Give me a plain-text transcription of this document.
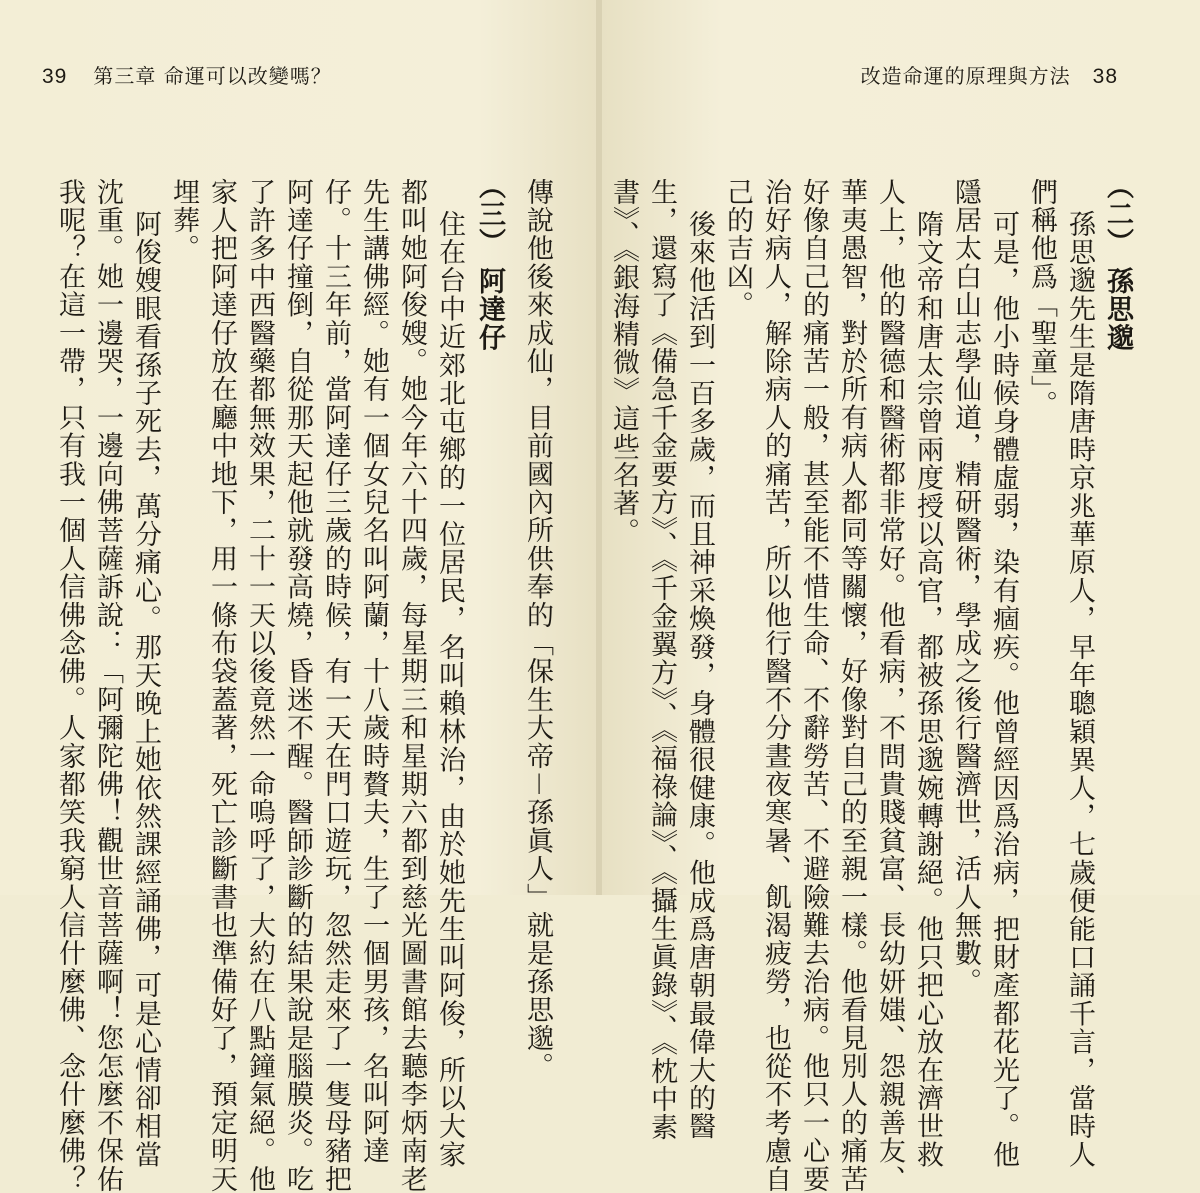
39 第三章 命運可以改變嗎？
傳說他後來成仙，目前國內所供奉的「保生大帝－孫眞人」就是孫思邈。
（三） 阿達仔
住在台中近郊北屯鄉的一位居民，名叫賴林治，由於她先生叫阿俊，所以大家
都叫她阿俊嫂。她今年六十四歲，每星期三和星期六都到慈光圖書館去聽李炳南老
先生講佛經。她有一個女兒名叫阿蘭，十八歲時贅夫，生了一個男孩，名叫阿達
仔。十三年前，當阿達仔三歲的時候，有一天在門口遊玩，忽然走來了一隻母豬把
阿達仔撞倒，自從那天起他就發高燒，昏迷不醒。醫師診斷的結果說是腦膜炎。吃
了許多中西醫藥都無效果，二十一天以後竟然一命嗚呼了，大約在八點鐘氣絕。他
家人把阿達仔放在廳中地下，用一條布袋蓋著，死亡診斷書也準備好了，預定明天
埋葬。
阿俊嫂眼看孫子死去，萬分痛心。那天晚上她依然課經誦佛，可是心情卻相當
沈重。她一邊哭，一邊向佛菩薩訴說：「阿彌陀佛！觀世音菩薩啊！您怎麼不保佑
我呢？在這一帶，只有我一個人信佛念佛。人家都笑我窮人信什麼佛、念什麼佛？
改造命運的原理與方法 38
（二） 孫思邈
孫思邈先生是隋唐時京兆華原人，早年聰穎異人，七歲便能口誦千言，當時人
們稱他爲「聖童」。
可是，他小時候身體虛弱，染有痼疾。他曾經因爲治病，把財產都花光了。他
隱居太白山志學仙道，精研醫術，學成之後行醫濟世，活人無數。
隋文帝和唐太宗曾兩度授以高官，都被孫思邈婉轉謝絕。他只把心放在濟世救
人上，他的醫德和醫術都非常好。他看病，不問貴賤貧富、長幼妍媸、怨親善友、
華夷愚智，對於所有病人都同等關懷，好像對自己的至親一樣。他看見別人的痛苦
好像自己的痛苦一般，甚至能不惜生命、不辭勞苦、不避險難去治病。他只一心要
治好病人，解除病人的痛苦，所以他行醫不分晝夜寒暑、飢渴疲勞，也從不考慮自
己的吉凶。
後來他活到一百多歲，而且神采煥發，身體很健康。他成爲唐朝最偉大的醫
生，還寫了《備急千金要方》、《千金翼方》、《福祿論》、《攝生眞錄》、《枕中素
書》、《銀海精微》這些名著。
